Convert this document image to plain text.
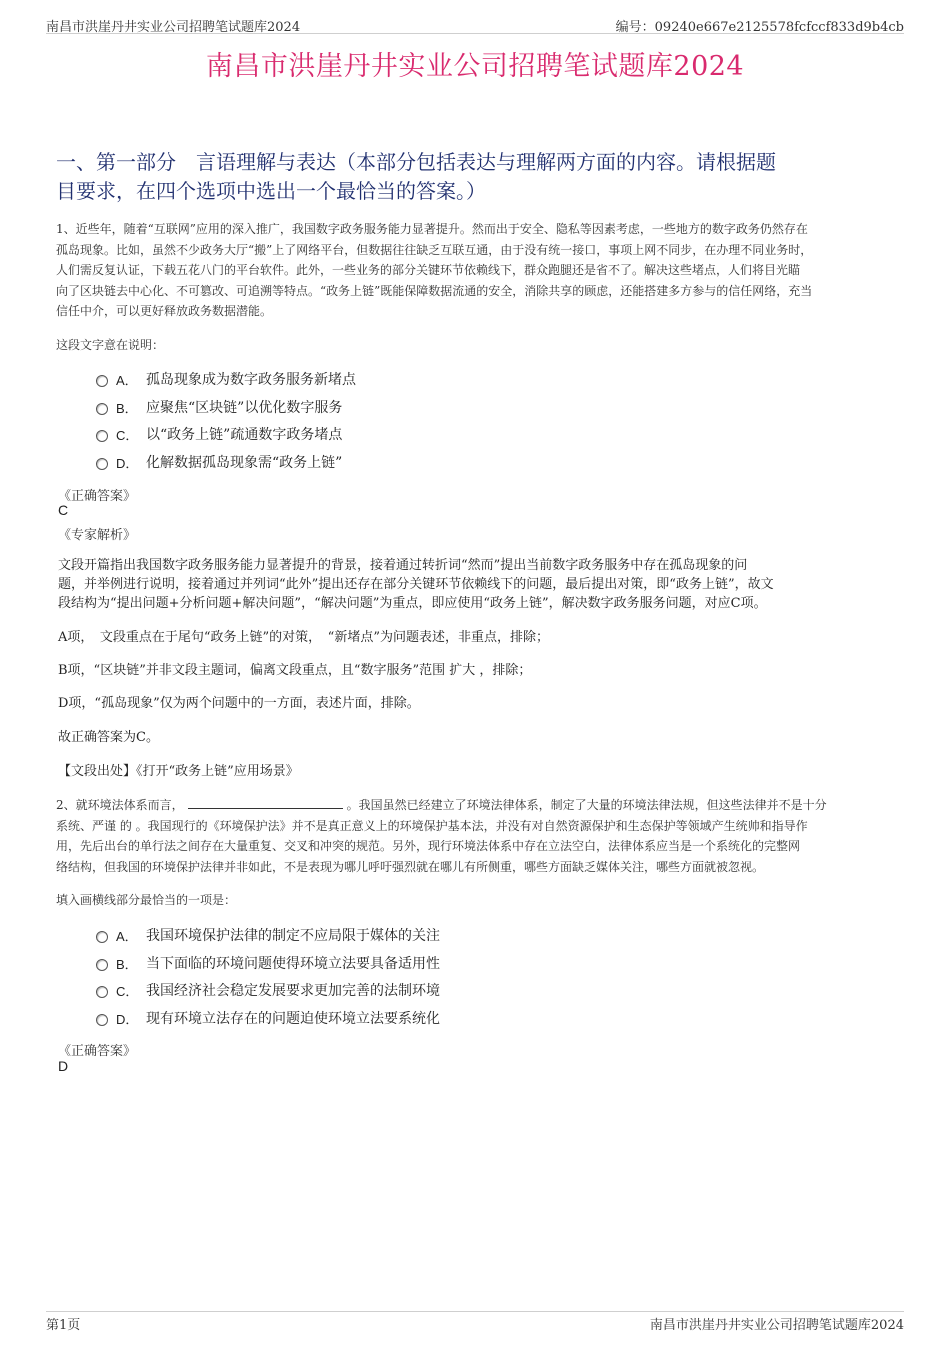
南昌市洪崖丹井实业公司招聘笔试题库2024	编号：09240e667e2125578fcfccf833d9b4cb
南昌市洪崖丹井实业公司招聘笔试题库2024
一、第一部分　言语理解与表达（本部分包括表达与理解两方面的内容。请根据题
目要求，在四个选项中选出一个最恰当的答案。）
1、近些年，随着“互联网”应用的深入推广，我国数字政务服务能力显著提升。然而出于安全、隐私等因素考虑，一些地方的数字政务仍然存在
孤岛现象。比如，虽然不少政务大厅“搬”上了网络平台，但数据往往缺乏互联互通，由于没有统一接口，事项上网不同步，在办理不同业务时，
人们需反复认证，下载五花八门的平台软件。此外，一些业务的部分关键环节依赖线下，群众跑腿还是省不了。解决这些堵点，人们将目光瞄
向了区块链去中心化、不可篡改、可追溯等特点。“政务上链”既能保障数据流通的安全，消除共享的顾虑，还能搭建多方参与的信任网络，充当
信任中介，可以更好释放政务数据潜能。
这段文字意在说明：
A． 孤岛现象成为数字政务服务新堵点
B． 应聚焦“区块链”以优化数字服务
C． 以“政务上链”疏通数字政务堵点
D． 化解数据孤岛现象需“政务上链”
《正确答案》
C
《专家解析》
文段开篇指出我国数字政务服务能力显著提升的背景，接着通过转折词“然而”提出当前数字政务服务中存在孤岛现象的问
题，并举例进行说明，接着通过并列词“此外”提出还存在部分关键环节依赖线下的问题，最后提出对策，即“政务上链”，故文
段结构为“提出问题+分析问题+解决问题”，“解决问题”为重点，即应使用“政务上链”，解决数字政务服务问题，对应C项。
A项，　文段重点在于尾句“政务上链”的对策，　“新堵点”为问题表述，非重点，排除；
B项，“区块链”并非文段主题词，偏离文段重点，且“数字服务”范围 扩大 ，排除；
D项，“孤岛现象”仅为两个问题中的一方面，表述片面，排除。
故正确答案为C。
【文段出处】《打开“政务上链”应用场景》
2、就环境法体系而言，	。我国虽然已经建立了环境法律体系，制定了大量的环境法律法规，但这些法律并不是十分
系统、严谨 的 。我国现行的《环境保护法》并不是真正意义上的环境保护基本法，并没有对自然资源保护和生态保护等领域产生统帅和指导作
用，先后出台的单行法之间存在大量重复、交叉和冲突的规范。另外，现行环境法体系中存在立法空白，法律体系应当是一个系统化的完整网
络结构，但我国的环境保护法律并非如此，不是表现为哪儿呼吁强烈就在哪儿有所侧重，哪些方面缺乏媒体关注，哪些方面就被忽视。
填入画横线部分最恰当的一项是：
A． 我国环境保护法律的制定不应局限于媒体的关注
B． 当下面临的环境问题使得环境立法要具备适用性
C． 我国经济社会稳定发展要求更加完善的法制环境
D． 现有环境立法存在的问题迫使环境立法要系统化
《正确答案》
D
第1页	南昌市洪崖丹井实业公司招聘笔试题库2024
